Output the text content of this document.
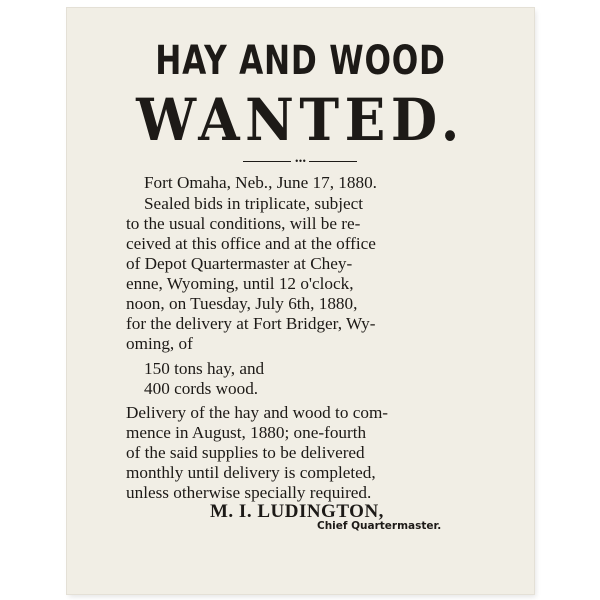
HAY AND WOOD
WANTED.
•••
Fort Omaha, Neb., June 17, 1880.
Sealed bids in triplicate, subject
to the usual conditions, will be re-
ceived at this office and at the office
of Depot Quartermaster at Chey-
enne, Wyoming, until 12 o'clock,
noon, on Tuesday, July 6th, 1880,
for the delivery at Fort Bridger, Wy-
oming, of
150 tons hay, and
400 cords wood.
Delivery of the hay and wood to com-
mence in August, 1880; one-fourth
of the said supplies to be delivered
monthly until delivery is completed,
unless otherwise specially required.
M. I. LUDINGTON,
Chief Quartermaster.
